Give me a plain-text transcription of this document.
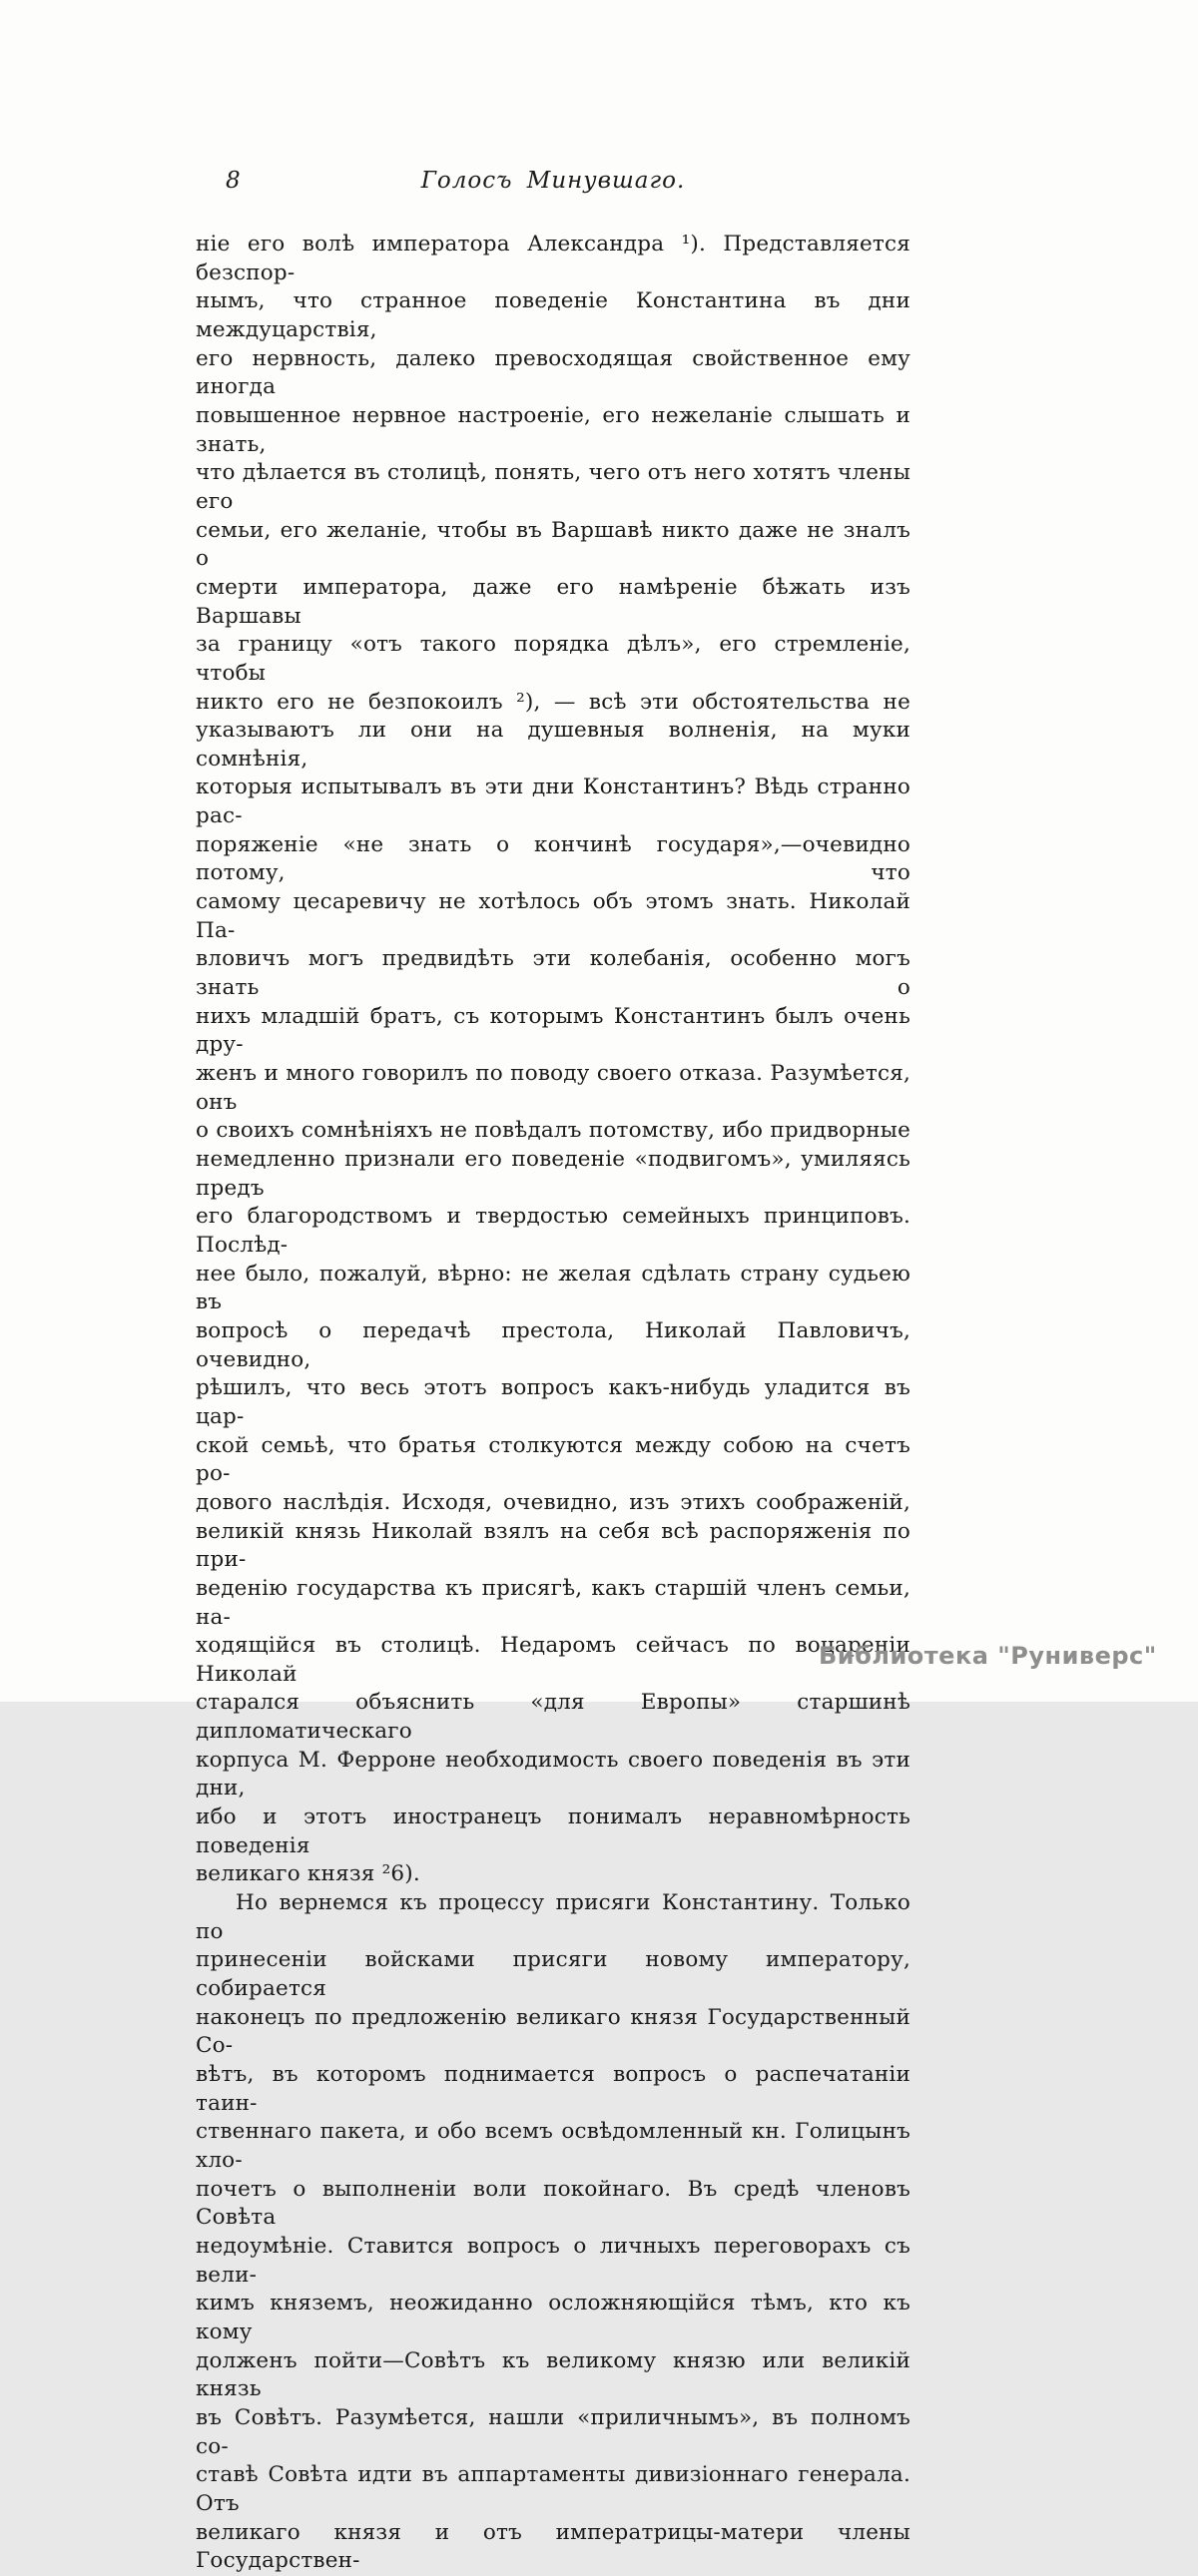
8	Голосъ Минувшаго.
ніе его волѣ императора Александра ¹). Представляется безспор-
нымъ, что странное поведеніе Константина въ дни междуцарствія,
его нервность, далеко превосходящая свойственное ему иногда
повышенное нервное настроеніе, его нежеланіе слышать и знать,
что дѣлается въ столицѣ, понять, чего отъ него хотятъ члены его
семьи, его желаніе, чтобы въ Варшавѣ никто даже не зналъ о
смерти императора, даже его намѣреніе бѣжать изъ Варшавы
за границу «отъ такого порядка дѣлъ», его стремленіе, чтобы
никто его не безпокоилъ ²), — всѣ эти обстоятельства не
указываютъ ли они на душевныя волненія, на муки сомнѣнія,
которыя испытывалъ въ эти дни Константинъ? Вѣдь странно рас-
поряженіе «не знать о кончинѣ государя»,—очевидно потому, что
самому цесаревичу не хотѣлось объ этомъ знать. Николай Па-
вловичъ могъ предвидѣть эти колебанія, особенно могъ знать о
нихъ младшій братъ, съ которымъ Константинъ былъ очень дру-
женъ и много говорилъ по поводу своего отказа. Разумѣется, онъ
о своихъ сомнѣніяхъ не повѣдалъ потомству, ибо придворные
немедленно признали его поведеніе «подвигомъ», умиляясь предъ
его благородствомъ и твердостью семейныхъ принциповъ. Послѣд-
нее было, пожалуй, вѣрно: не желая сдѣлать страну судьею въ
вопросѣ о передачѣ престола, Николай Павловичъ, очевидно,
рѣшилъ, что весь этотъ вопросъ какъ-нибудь уладится въ цар-
ской семьѣ, что братья столкуются между собою на счетъ ро-
дового наслѣдія. Исходя, очевидно, изъ этихъ соображеній,
великій князь Николай взялъ на себя всѣ распоряженія по при-
веденію государства къ присягѣ, какъ старшій членъ семьи, на-
ходящійся въ столицѣ. Недаромъ сейчасъ по воцареніи Николай
старался объяснить «для Европы» старшинѣ дипломатическаго
корпуса М. Ферроне необходимость своего поведенія въ эти дни,
ибо и этотъ иностранецъ понималъ неравномѣрность поведенія
великаго князя ²6).
Но вернемся къ процессу присяги Константину. Только по
принесеніи войсками присяги новому императору, собирается
наконецъ по предложенію великаго князя Государственный Со-
вѣтъ, въ которомъ поднимается вопросъ о распечатаніи таин-
ственнаго пакета, и обо всемъ освѣдомленный кн. Голицынъ хло-
почетъ о выполненіи воли покойнаго. Въ средѣ членовъ Совѣта
недоумѣніе. Ставится вопросъ о личныхъ переговорахъ съ вели-
кимъ княземъ, неожиданно осложняющійся тѣмъ, кто къ кому
долженъ пойти—Совѣтъ къ великому князю или великій князь
въ Совѣтъ. Разумѣется, нашли «приличнымъ», въ полномъ со-
ставѣ Совѣта идти въ аппартаменты дивизіоннаго генерала. Отъ
великаго князя и отъ императрицы-матери члены Государствен-
Библиотека "Руниверс"
